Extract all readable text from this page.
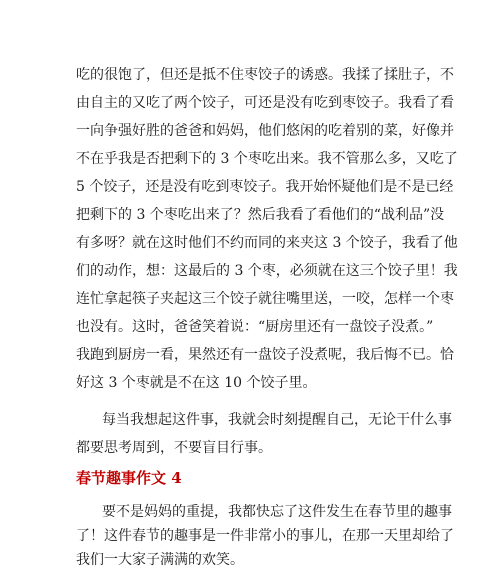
吃的很饱了，但还是抵不住枣饺子的诱惑。我揉了揉肚子，不
由自主的又吃了两个饺子，可还是没有吃到枣饺子。我看了看
一向争强好胜的爸爸和妈妈，他们悠闲的吃着别的菜，好像并
不在乎我是否把剩下的 3 个枣吃出来。我不管那么多，又吃了
5 个饺子，还是没有吃到枣饺子。我开始怀疑他们是不是已经
把剩下的 3 个枣吃出来了？然后我看了看他们的“战利品”没
有多呀？就在这时他们不约而同的来夹这 3 个饺子，我看了他
们的动作，想：这最后的 3 个枣，必须就在这三个饺子里！我
连忙拿起筷子夹起这三个饺子就往嘴里送，一咬，怎样一个枣
也没有。这时，爸爸笑着说：“厨房里还有一盘饺子没煮。”
我跑到厨房一看，果然还有一盘饺子没煮呢，我后悔不已。恰
好这 3 个枣就是不在这 10 个饺子里。
每当我想起这件事，我就会时刻提醒自己，无论干什么事
都要思考周到，不要盲目行事。
春节趣事作文 4
要不是妈妈的重提，我都快忘了这件发生在春节里的趣事
了！这件春节的趣事是一件非常小的事儿，在那一天里却给了
我们一大家子满满的欢笑。
